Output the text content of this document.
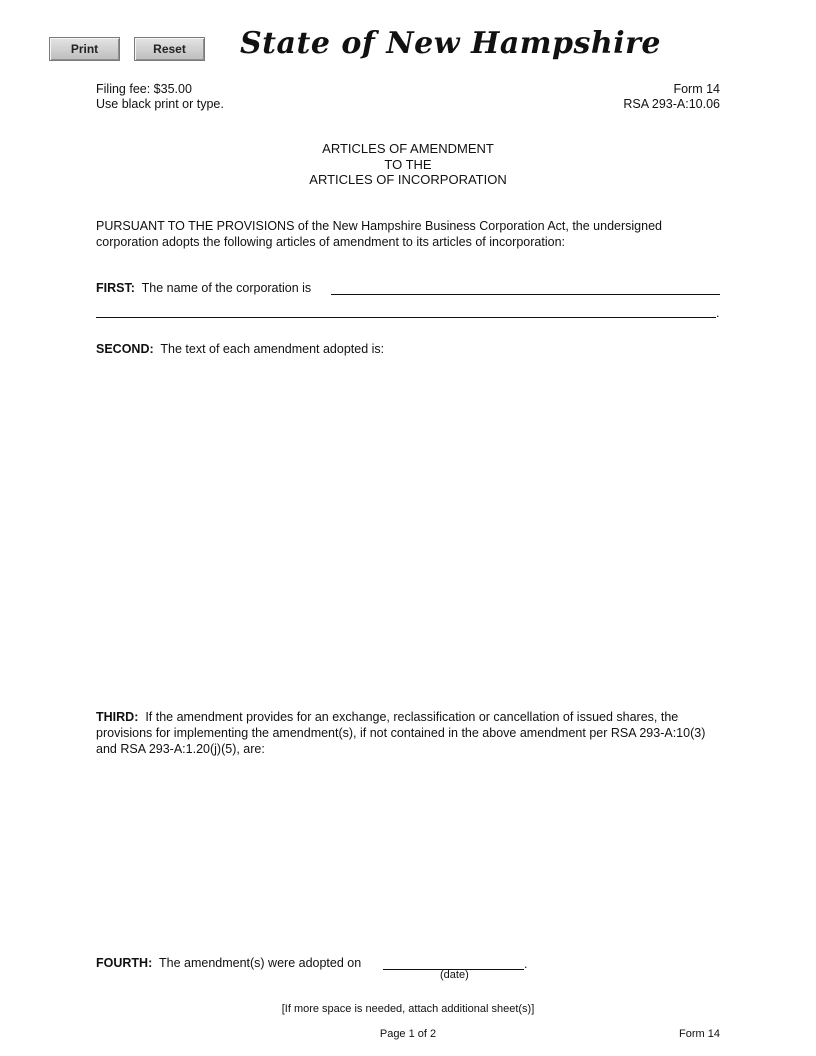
Print	Reset	State of New Hampshire
Filing fee: $35.00
Use black print or type.
Form 14
RSA 293-A:10.06
ARTICLES OF AMENDMENT
TO THE
ARTICLES OF INCORPORATION
PURSUANT TO THE PROVISIONS of the New Hampshire Business Corporation Act, the undersigned corporation adopts the following articles of amendment to its articles of incorporation:
FIRST: The name of the corporation is
.
SECOND: The text of each amendment adopted is:
THIRD: If the amendment provides for an exchange, reclassification or cancellation of issued shares, the provisions for implementing the amendment(s), if not contained in the above amendment per RSA 293-A:10(3) and RSA 293-A:1.20(j)(5), are:
FOURTH: The amendment(s) were adopted on	.
(date)
[If more space is needed, attach additional sheet(s)]
Page 1 of 2	Form 14
